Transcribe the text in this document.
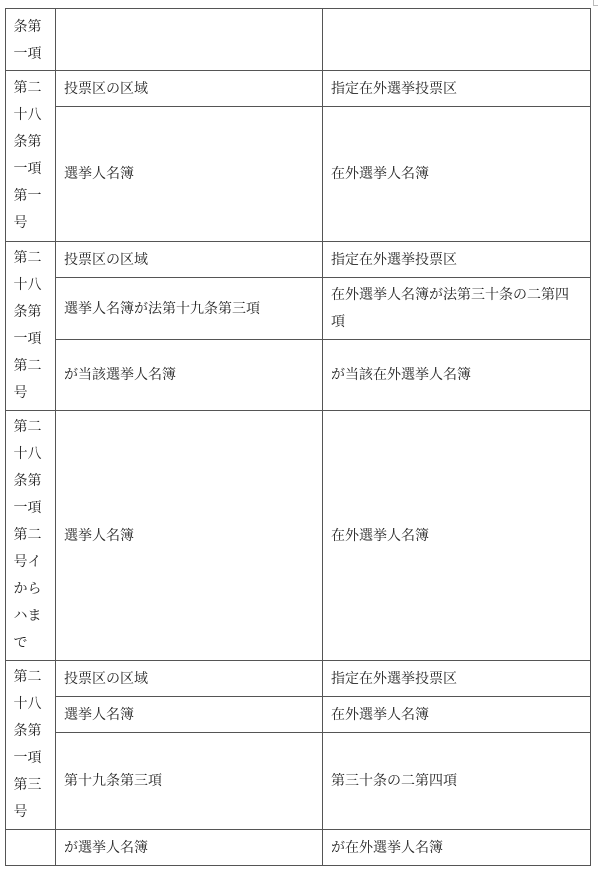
条第一項	

第二十八条第一項第一号	投票区の区域	指定在外選挙投票区

	選挙人名簿	在外選挙人名簿

第二十八条第一項第二号	投票区の区域	指定在外選挙投票区

	選挙人名簿が法第十九条第三項	在外選挙人名簿が法第三十条の二第四項

	が当該選挙人名簿	が当該在外選挙人名簿

第二十八条第一項第二号イからハまで	選挙人名簿	在外選挙人名簿

第二十八条第一項第三号	投票区の区域	指定在外選挙投票区

	選挙人名簿	在外選挙人名簿

	第十九条第三項	第三十条の二第四項

	が選挙人名簿	が在外選挙人名簿
